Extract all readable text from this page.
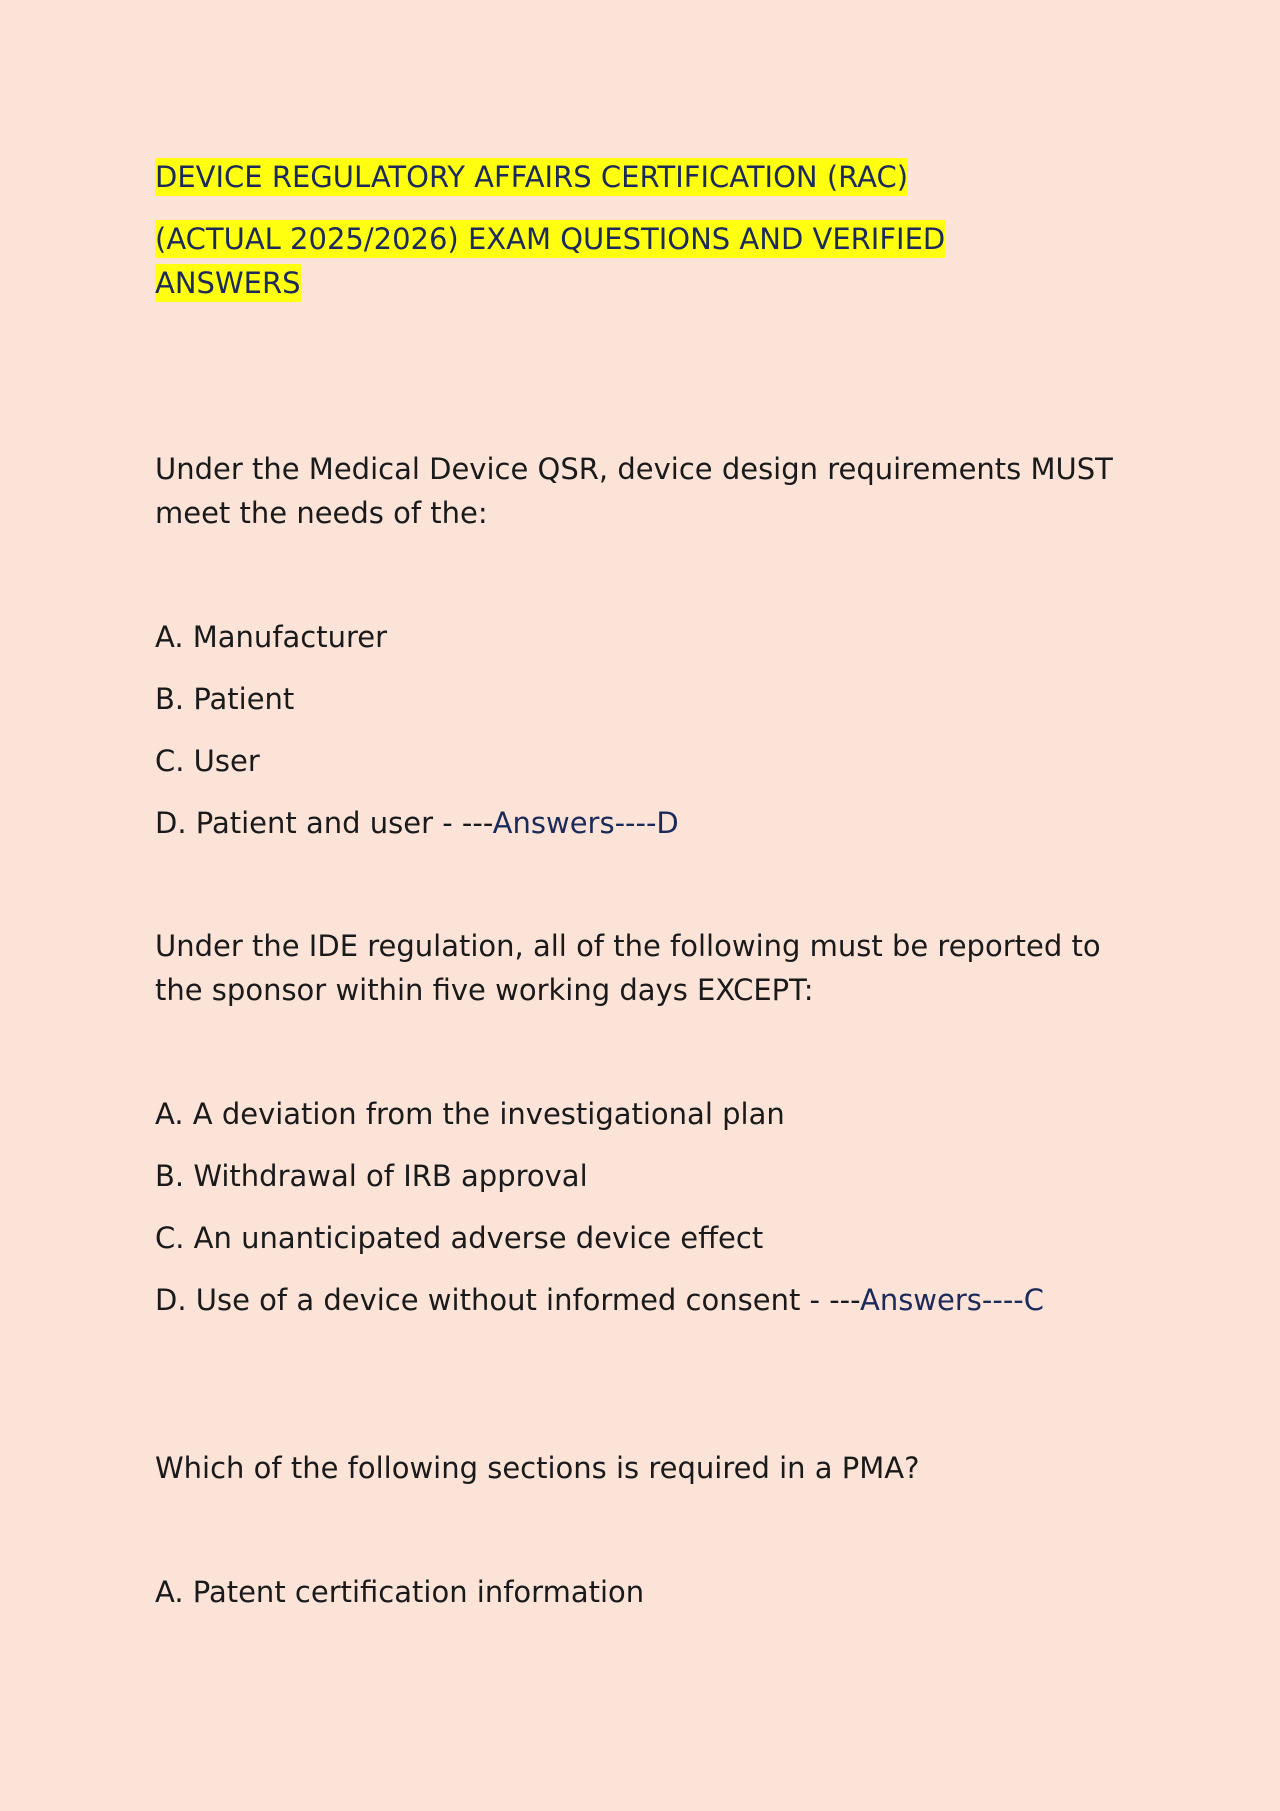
DEVICE REGULATORY AFFAIRS CERTIFICATION (RAC)
(ACTUAL 2025/2026) EXAM QUESTIONS AND VERIFIED
ANSWERS

Under the Medical Device QSR, device design requirements MUST meet the needs of the:

A. Manufacturer

B. Patient

C. User

D. Patient and user - ---Answers----D

Under the IDE regulation, all of the following must be reported to the sponsor within five working days EXCEPT:

A. A deviation from the investigational plan

B. Withdrawal of IRB approval

C. An unanticipated adverse device effect

D. Use of a device without informed consent - ---Answers----C

Which of the following sections is required in a PMA?

A. Patent certification information
